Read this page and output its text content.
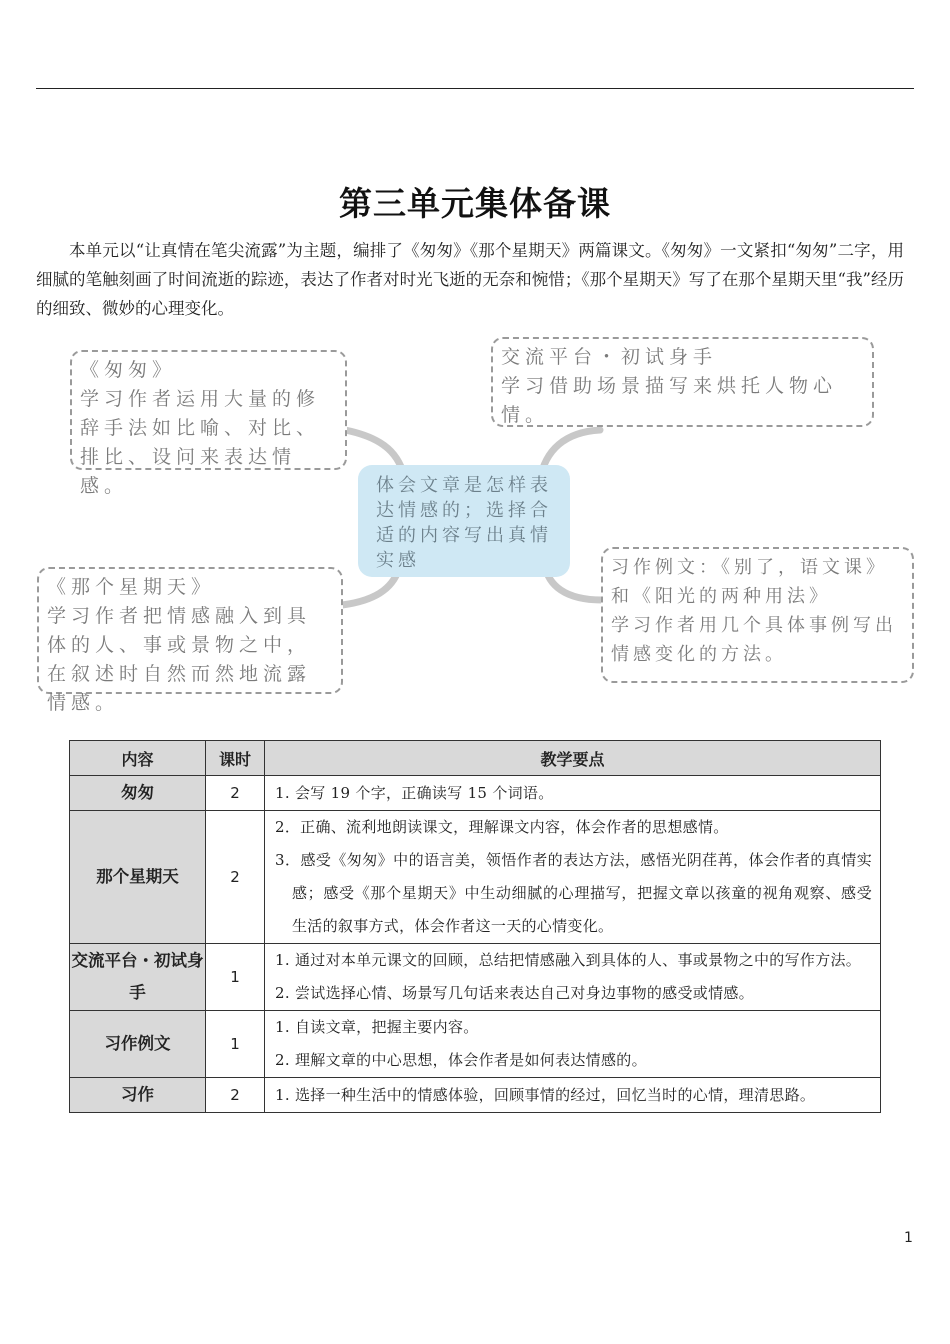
第三单元集体备课

本单元以“让真情在笔尖流露”为主题，编排了《匆匆》《那个星期天》两篇课文。《匆匆》一文紧扣“匆匆”二字，用细腻的笔触刻画了时间流逝的踪迹，表达了作者对时光飞逝的无奈和惋惜；《那个星期天》写了在那个星期天里“我”经历的细致、微妙的心理变化。

《匆匆》
学习作者运用大量的修辞手法如比喻、对比、排比、设问来表达情感。
交流平台・初试身手
学习借助场景描写来烘托人物心情。
体会文章是怎样表达情感的；选择合适的内容写出真情实感
《那个星期天》
学习作者把情感融入到具体的人、事或景物之中，在叙述时自然而然地流露情感。
习作例文：《别了，语文课》和《阳光的两种用法》
学习作者用几个具体事例写出情感变化的方法。
内容	课时	教学要点
匆匆	2	1. 会写 19 个字，正确读写 15 个词语。

那个星期天	2	2．正确、流利地朗读课文，理解课文内容，体会作者的思想感情。
3．感受《匆匆》中的语言美，领悟作者的表达方法，感悟光阴荏苒，体会作者的真情实感；感受《那个星期天》中生动细腻的心理描写，把握文章以孩童的视角观察、感受生活的叙事方式，体会作者这一天的心情变化。

交流平台・初试身手	1	1. 通过对本单元课文的回顾，总结把情感融入到具体的人、事或景物之中的写作方法。
2. 尝试选择心情、场景写几句话来表达自己对身边事物的感受或情感。

习作例文	1	1. 自读文章，把握主要内容。
2. 理解文章的中心思想，体会作者是如何表达情感的。

习作	2	1. 选择一种生活中的情感体验，回顾事情的经过，回忆当时的心情，理清思路。
1
